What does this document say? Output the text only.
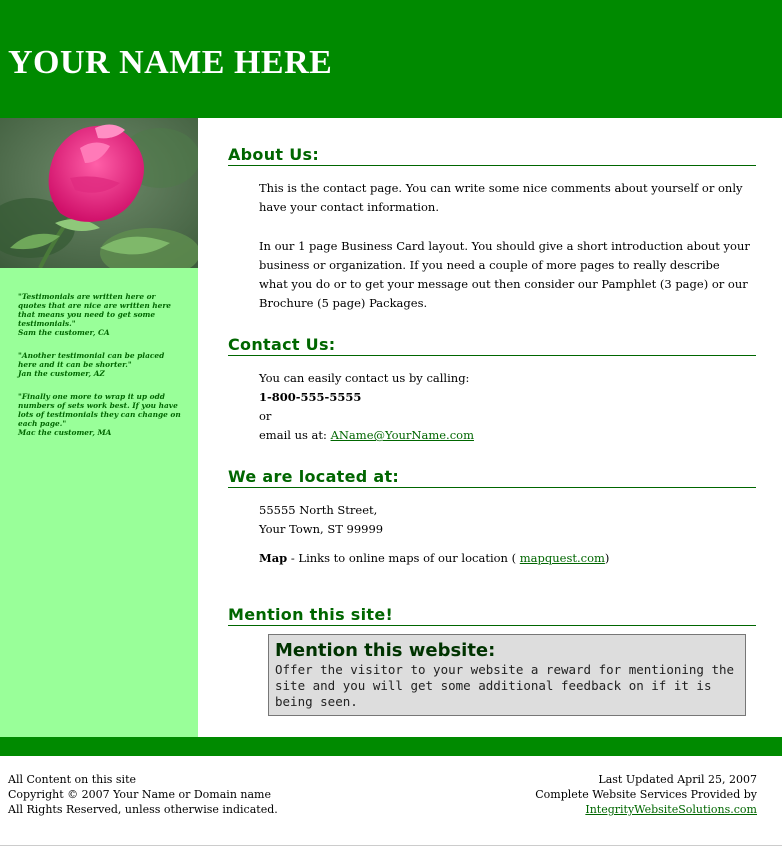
YOUR NAME HERE
"Testimonials are written here or quotes that are nice are written here that means you need to get some testimonials."
Sam the customer, CA
"Another testimonial can be placed here and it can be shorter."
Jan the customer, AZ
"Finally one more to wrap it up odd numbers of sets work best. If you have lots of testimonials they can change on each page."
Mac the customer, MA
About Us:
This is the contact page. You can write some nice comments about yourself or only have your contact information.
In our 1 page Business Card layout. You should give a short introduction about your business or organization. If you need a couple of more pages to really describe what you do or to get your message out then consider our Pamphlet (3 page) or our Brochure (5 page) Packages.
Contact Us:
You can easily contact us by calling:
1-800-555-5555
or
email us at: AName@YourName.com
We are located at:
55555 North Street,
Your Town, ST 99999
Map - Links to online maps of our location ( mapquest.com)
Mention this site!
Mention this website:
Offer the visitor to your website a reward for mentioning the site and you will get some additional feedback on if it is being seen.
All Content on this site
Copyright © 2007 Your Name or Domain name
All Rights Reserved, unless otherwise indicated.
Last Updated April 25, 2007
Complete Website Services Provided by
IntegrityWebsiteSolutions.com
